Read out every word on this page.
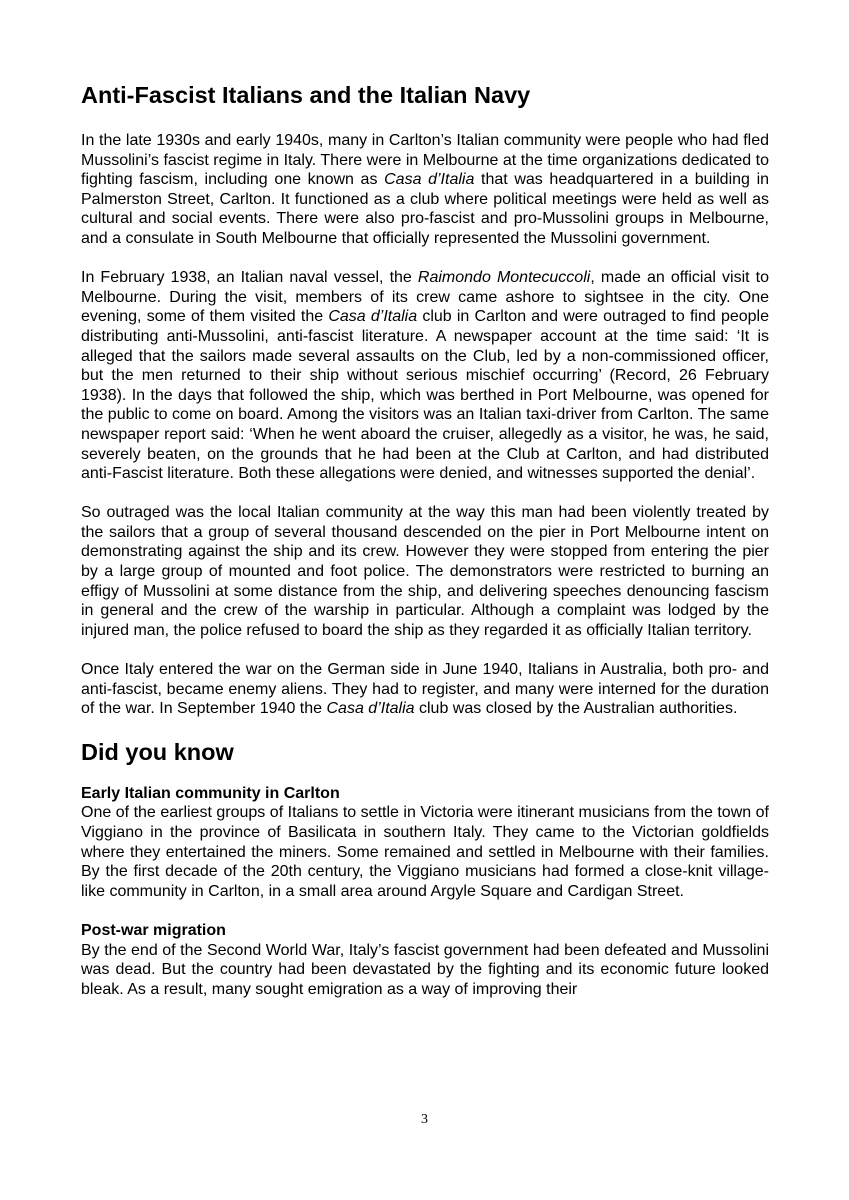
Anti-Fascist Italians and the Italian Navy

In the late 1930s and early 1940s, many in Carlton’s Italian community were people who had fled Mussolini’s fascist regime in Italy. There were in Melbourne at the time organizations dedicated to fighting fascism, including one known as Casa d’Italia that was headquartered in a building in Palmerston Street, Carlton. It functioned as a club where political meetings were held as well as cultural and social events. There were also pro-fascist and pro-Mussolini groups in Melbourne, and a consulate in South Melbourne that officially represented the Mussolini government.

In February 1938, an Italian naval vessel, the Raimondo Montecuccoli, made an official visit to Melbourne. During the visit, members of its crew came ashore to sightsee in the city. One evening, some of them visited the Casa d’Italia club in Carlton and were outraged to find people distributing anti-Mussolini, anti-fascist literature. A newspaper account at the time said: ‘It is alleged that the sailors made several assaults on the Club, led by a non-commissioned officer, but the men returned to their ship without serious mischief occurring’ (Record, 26 February 1938). In the days that followed the ship, which was berthed in Port Melbourne, was opened for the public to come on board. Among the visitors was an Italian taxi-driver from Carlton. The same newspaper report said: ‘When he went aboard the cruiser, allegedly as a visitor, he was, he said, severely beaten, on the grounds that he had been at the Club at Carlton, and had distributed anti-Fascist literature. Both these allegations were denied, and witnesses supported the denial’.

So outraged was the local Italian community at the way this man had been violently treated by the sailors that a group of several thousand descended on the pier in Port Melbourne intent on demonstrating against the ship and its crew. However they were stopped from entering the pier by a large group of mounted and foot police. The demonstrators were restricted to burning an effigy of Mussolini at some distance from the ship, and delivering speeches denouncing fascism in general and the crew of the warship in particular. Although a complaint was lodged by the injured man, the police refused to board the ship as they regarded it as officially Italian territory.

Once Italy entered the war on the German side in June 1940, Italians in Australia, both pro- and anti-fascist, became enemy aliens. They had to register, and many were interned for the duration of the war. In September 1940 the Casa d’Italia club was closed by the Australian authorities.

Did you know
Early Italian community in Carlton

One of the earliest groups of Italians to settle in Victoria were itinerant musicians from the town of Viggiano in the province of Basilicata in southern Italy. They came to the Victorian goldfields where they entertained the miners. Some remained and settled in Melbourne with their families. By the first decade of the 20th century, the Viggiano musicians had formed a close-knit village-like community in Carlton, in a small area around Argyle Square and Cardigan Street.

Post-war migration

By the end of the Second World War, Italy’s fascist government had been defeated and Mussolini was dead. But the country had been devastated by the fighting and its economic future looked bleak. As a result, many sought emigration as a way of improving their

3
